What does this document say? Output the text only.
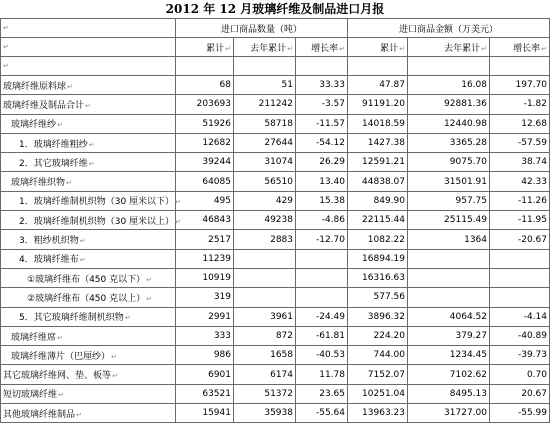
2012 年 12 月玻璃纤维及制品进口月报
↵	进口商品数量（吨）			进口商品金额（万美元）		
↵	累计↵	去年累计↵	增长率↵	累计↵	去年累计↵	增长率↵
↵						
玻璃纤维原料球↵	68	51	33.33	47.87	16.08	197.70
玻璃纤维及制品合计↵	203693	211242	-3.57	91191.20	92881.36	-1.82
玻璃纤维纱↵	51926	58718	-11.57	14018.59	12440.98	12.68
1．玻璃纤维粗纱↵	12682	27644	-54.12	1427.38	3365.28	-57.59
2．其它玻璃纤维↵	39244	31074	26.29	12591.21	9075.70	38.74
玻璃纤维织物↵	64085	56510	13.40	44838.07	31501.91	42.33
1．玻璃纤维制机织物（30 厘米以下）↵	495	429	15.38	849.90	957.75	-11.26
2．玻璃纤维制机织物（30 厘米以上）↵	46843	49238	-4.86	22115.44	25115.49	-11.95
3．粗纱机织物↵	2517	2883	-12.70	1082.22	1364	-20.67
4．玻璃纤维布↵	11239			16894.19		
①玻璃纤维布（450 克以下）↵	10919			16316.63		
②玻璃纤维布（450 克以上）↵	319			577.56		
5．其它玻璃纤维制机织物↵	2991	3961	-24.49	3896.32	4064.52	-4.14
玻璃纤维席↵	333	872	-61.81	224.20	379.27	-40.89
玻璃纤维薄片（巴厘纱）↵	986	1658	-40.53	744.00	1234.45	-39.73
其它玻璃纤维网、垫、板等↵	6901	6174	11.78	7152.07	7102.62	0.70
短切玻璃纤维↵	63521	51372	23.65	10251.04	8495.13	20.67
其他玻璃纤维制品↵	15941	35938	-55.64	13963.23	31727.00	-55.99
